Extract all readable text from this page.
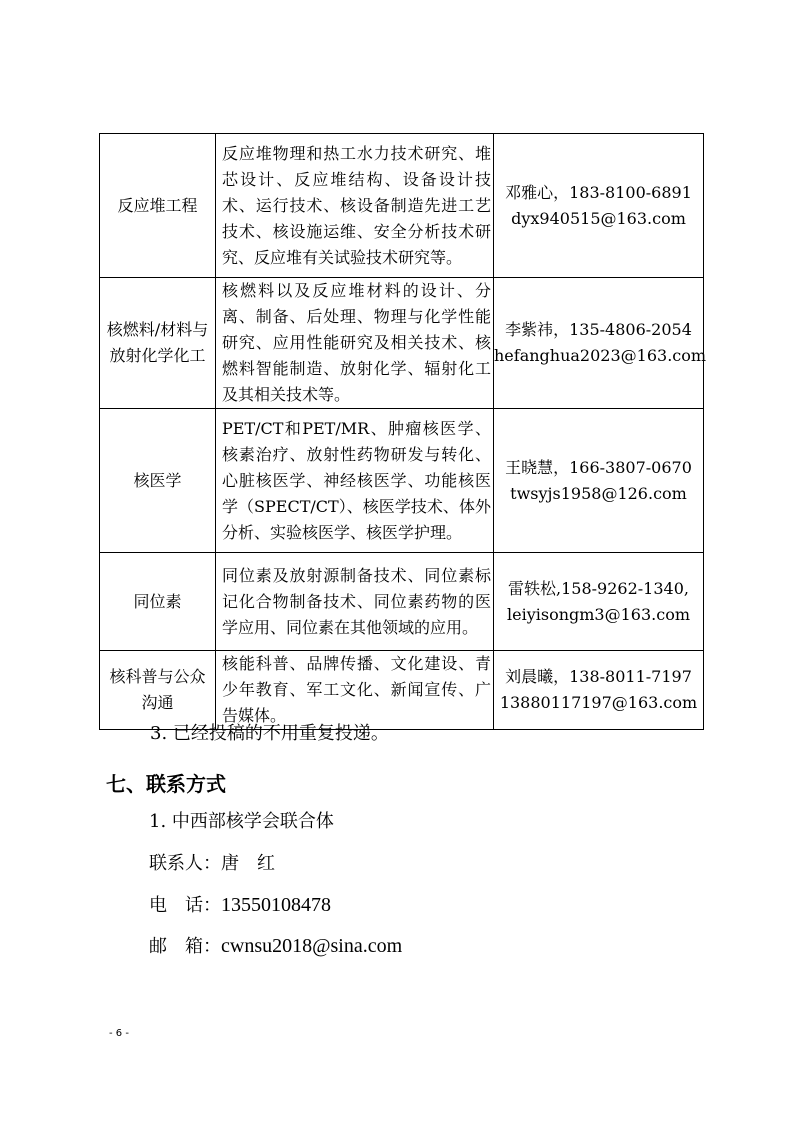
反应堆工程	反应堆物理和热工水力技术研究、堆芯设计、反应堆结构、设备设计技术、运行技术、核设备制造先进工艺技术、核设施运维、安全分析技术研究、反应堆有关试验技术研究等。	邓雅心，183-8100-6891
dyx940515@163.com

核燃料/材料与放射化学化工	核燃料以及反应堆材料的设计、分离、制备、后处理、物理与化学性能研究、应用性能研究及相关技术、核燃料智能制造、放射化学、辐射化工及其相关技术等。	李紫祎，135-4806-2054
hefanghua2023@163.com

核医学	PET/CT和PET/MR、肿瘤核医学、核素治疗、放射性药物研发与转化、心脏核医学、神经核医学、功能核医学（SPECT/CT）、核医学技术、体外分析、实验核医学、核医学护理。	王晓慧，166-3807-0670
twsyjs1958@126.com

同位素	同位素及放射源制备技术、同位素标记化合物制备技术、同位素药物的医学应用、同位素在其他领域的应用。	雷轶松,158-9262-1340,
leiyisongm3@163.com

核科普与公众沟通	核能科普、品牌传播、文化建设、青少年教育、军工文化、新闻宣传、广告媒体。	刘晨曦，138-8011-7197
13880117197@163.com
3. 已经投稿的不用重复投递。
七、联系方式
1. 中西部核学会联合体
联系人：唐　红
电　话：13550108478
邮　箱：cwnsu2018@sina.com
- 6 -
